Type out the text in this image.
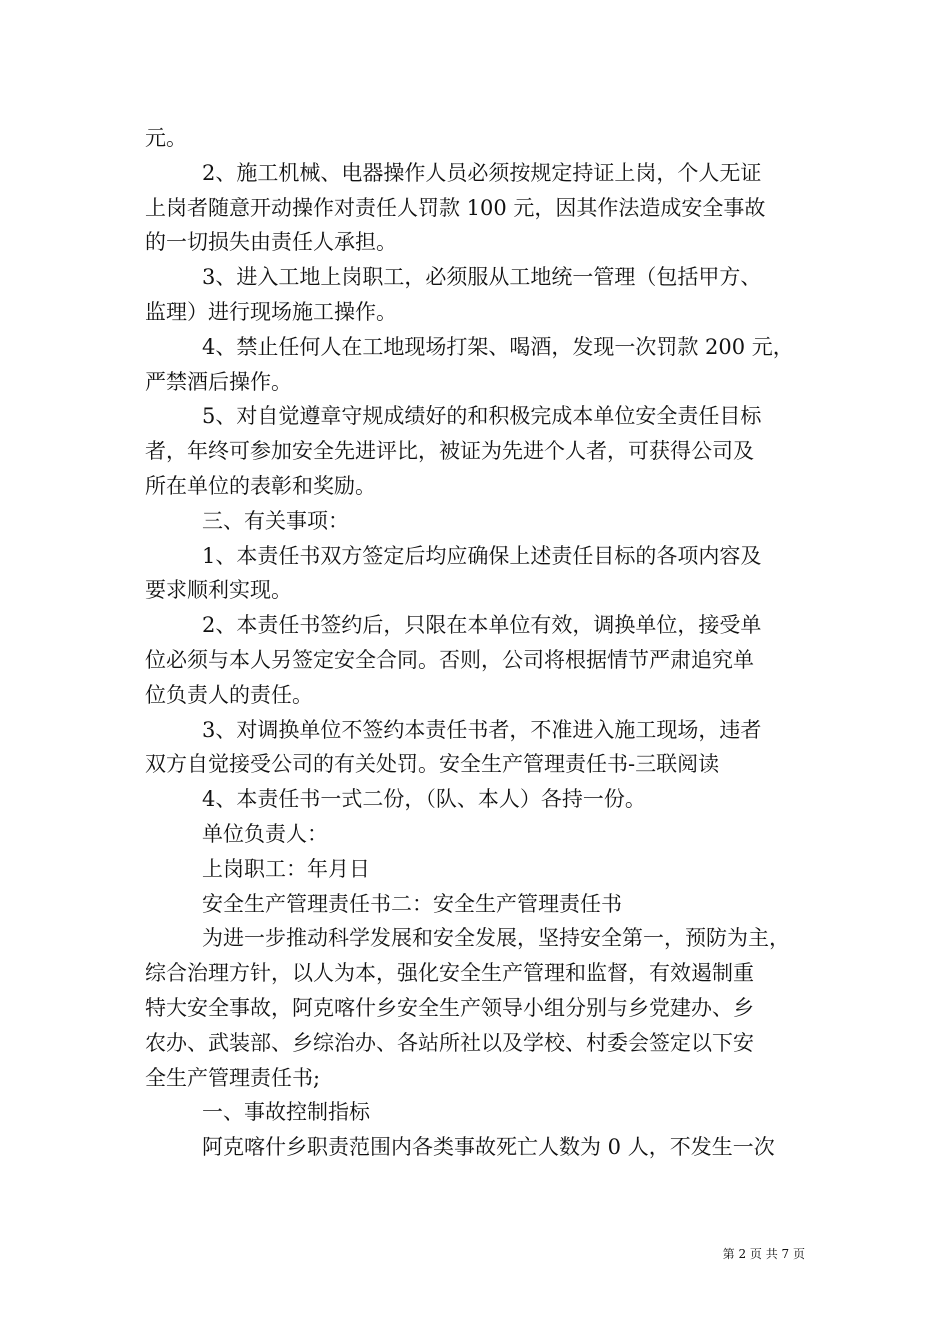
元。
2、施工机械、电器操作人员必须按规定持证上岗，个人无证
上岗者随意开动操作对责任人罚款 100 元，因其作法造成安全事故
的一切损失由责任人承担。
3、进入工地上岗职工，必须服从工地统一管理（包括甲方、
监理）进行现场施工操作。
4、禁止任何人在工地现场打架、喝酒，发现一次罚款 200 元，
严禁酒后操作。
5、对自觉遵章守规成绩好的和积极完成本单位安全责任目标
者，年终可参加安全先进评比，被证为先进个人者，可获得公司及
所在单位的表彰和奖励。
三、有关事项：
1、本责任书双方签定后均应确保上述责任目标的各项内容及
要求顺利实现。
2、本责任书签约后，只限在本单位有效，调换单位，接受单
位必须与本人另签定安全合同。否则，公司将根据情节严肃追究单
位负责人的责任。
3、对调换单位不签约本责任书者，不准进入施工现场，违者
双方自觉接受公司的有关处罚。安全生产管理责任书-三联阅读
4、本责任书一式二份，（队、本人）各持一份。
单位负责人：
上岗职工：年月日
安全生产管理责任书二：安全生产管理责任书
为进一步推动科学发展和安全发展，坚持安全第一，预防为主，
综合治理方针，以人为本，强化安全生产管理和监督，有效遏制重
特大安全事故，阿克喀什乡安全生产领导小组分别与乡党建办、乡
农办、武装部、乡综治办、各站所社以及学校、村委会签定以下安
全生产管理责任书;
一、事故控制指标
阿克喀什乡职责范围内各类事故死亡人数为 0 人，不发生一次
第 2 页 共 7 页
